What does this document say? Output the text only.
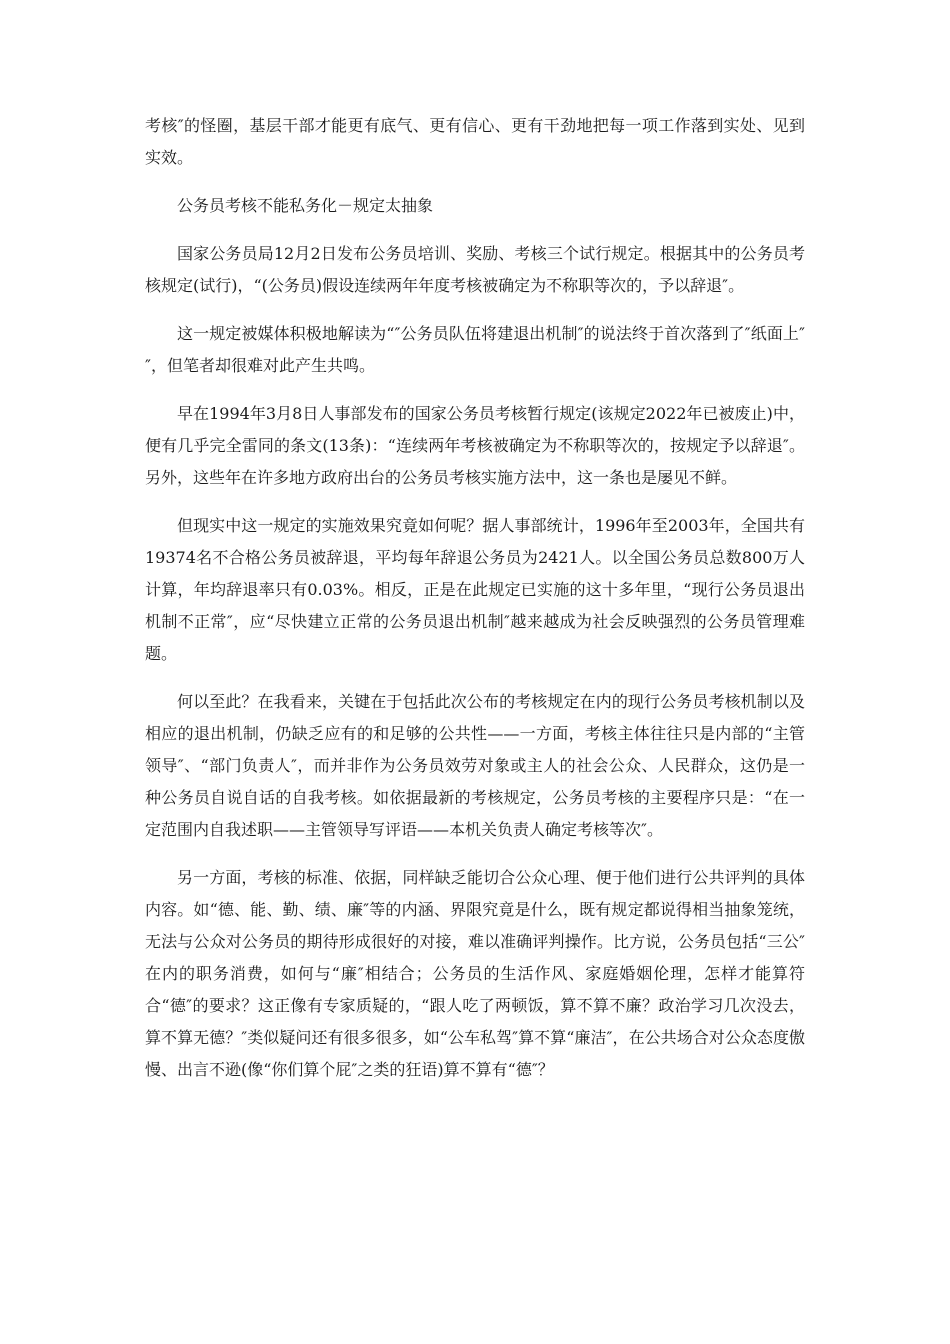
考核″的怪圈，基层干部才能更有底气、更有信心、更有干劲地把每一项工作落到实处、见到实效。

公务员考核不能私务化－规定太抽象

国家公务员局12月2日发布公务员培训、奖励、考核三个试行规定。根据其中的公务员考核规定(试行)，“(公务员)假设连续两年年度考核被确定为不称职等次的，予以辞退″。

这一规定被媒体积极地解读为“″公务员队伍将建退出机制″的说法终于首次落到了″纸面上″″，但笔者却很难对此产生共鸣。

早在1994年3月8日人事部发布的国家公务员考核暂行规定(该规定2022年已被废止)中，便有几乎完全雷同的条文(13条)：“连续两年考核被确定为不称职等次的，按规定予以辞退″。另外，这些年在许多地方政府出台的公务员考核实施方法中，这一条也是屡见不鲜。

但现实中这一规定的实施效果究竟如何呢？据人事部统计，1996年至2003年，全国共有19374名不合格公务员被辞退，平均每年辞退公务员为2421人。以全国公务员总数800万人计算，年均辞退率只有0.03%。相反，正是在此规定已实施的这十多年里，“现行公务员退出机制不正常″，应“尽快建立正常的公务员退出机制″越来越成为社会反映强烈的公务员管理难题。

何以至此？在我看来，关键在于包括此次公布的考核规定在内的现行公务员考核机制以及相应的退出机制，仍缺乏应有的和足够的公共性——一方面，考核主体往往只是内部的“主管领导″、“部门负责人″，而并非作为公务员效劳对象或主人的社会公众、人民群众，这仍是一种公务员自说自话的自我考核。如依据最新的考核规定，公务员考核的主要程序只是：“在一定范围内自我述职——主管领导写评语——本机关负责人确定考核等次″。

另一方面，考核的标准、依据，同样缺乏能切合公众心理、便于他们进行公共评判的具体内容。如“德、能、勤、绩、廉″等的内涵、界限究竟是什么，既有规定都说得相当抽象笼统，无法与公众对公务员的期待形成很好的对接，难以准确评判操作。比方说，公务员包括“三公″在内的职务消费，如何与“廉″相结合；公务员的生活作风、家庭婚姻伦理，怎样才能算符合“德″的要求？这正像有专家质疑的，“跟人吃了两顿饭，算不算不廉？政治学习几次没去，算不算无德？″类似疑问还有很多很多，如“公车私驾″算不算“廉洁″，在公共场合对公众态度傲慢、出言不逊(像“你们算个屁″之类的狂语)算不算有“德″？
